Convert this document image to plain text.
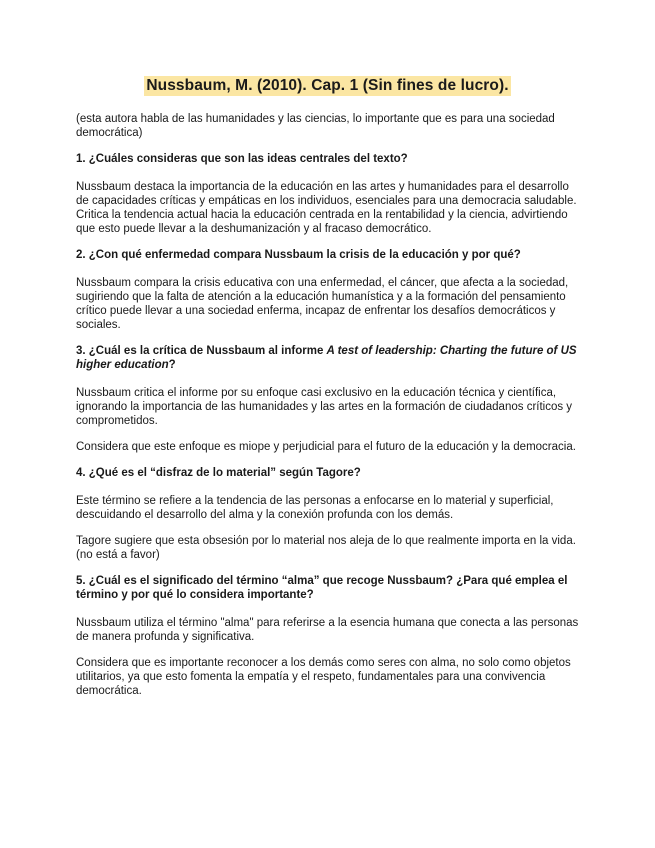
Nussbaum, M. (2010). Cap. 1 (Sin fines de lucro).

(esta autora habla de las humanidades y las ciencias, lo importante que es para una sociedad democrática)

1. ¿Cuáles consideras que son las ideas centrales del texto?

Nussbaum destaca la importancia de la educación en las artes y humanidades para el desarrollo de capacidades críticas y empáticas en los individuos, esenciales para una democracia saludable.

Critica la tendencia actual hacia la educación centrada en la rentabilidad y la ciencia, advirtiendo que esto puede llevar a la deshumanización y al fracaso democrático.

2. ¿Con qué enfermedad compara Nussbaum la crisis de la educación y por qué?

Nussbaum compara la crisis educativa con una enfermedad, el cáncer, que afecta a la sociedad, sugiriendo que la falta de atención a la educación humanística y a la formación del pensamiento crítico puede llevar a una sociedad enferma, incapaz de enfrentar los desafíos democráticos y sociales.

3. ¿Cuál es la crítica de Nussbaum al informe A test of leadership: Charting the future of US higher education?

Nussbaum critica el informe por su enfoque casi exclusivo en la educación técnica y científica, ignorando la importancia de las humanidades y las artes en la formación de ciudadanos críticos y comprometidos.

Considera que este enfoque es miope y perjudicial para el futuro de la educación y la democracia.

4. ¿Qué es el “disfraz de lo material” según Tagore?

Este término se refiere a la tendencia de las personas a enfocarse en lo material y superficial, descuidando el desarrollo del alma y la conexión profunda con los demás.

Tagore sugiere que esta obsesión por lo material nos aleja de lo que realmente importa en la vida. (no está a favor)

5. ¿Cuál es el significado del término “alma” que recoge Nussbaum? ¿Para qué emplea el término y por qué lo considera importante?

Nussbaum utiliza el término "alma" para referirse a la esencia humana que conecta a las personas de manera profunda y significativa.

Considera que es importante reconocer a los demás como seres con alma, no solo como objetos utilitarios, ya que esto fomenta la empatía y el respeto, fundamentales para una convivencia democrática.
